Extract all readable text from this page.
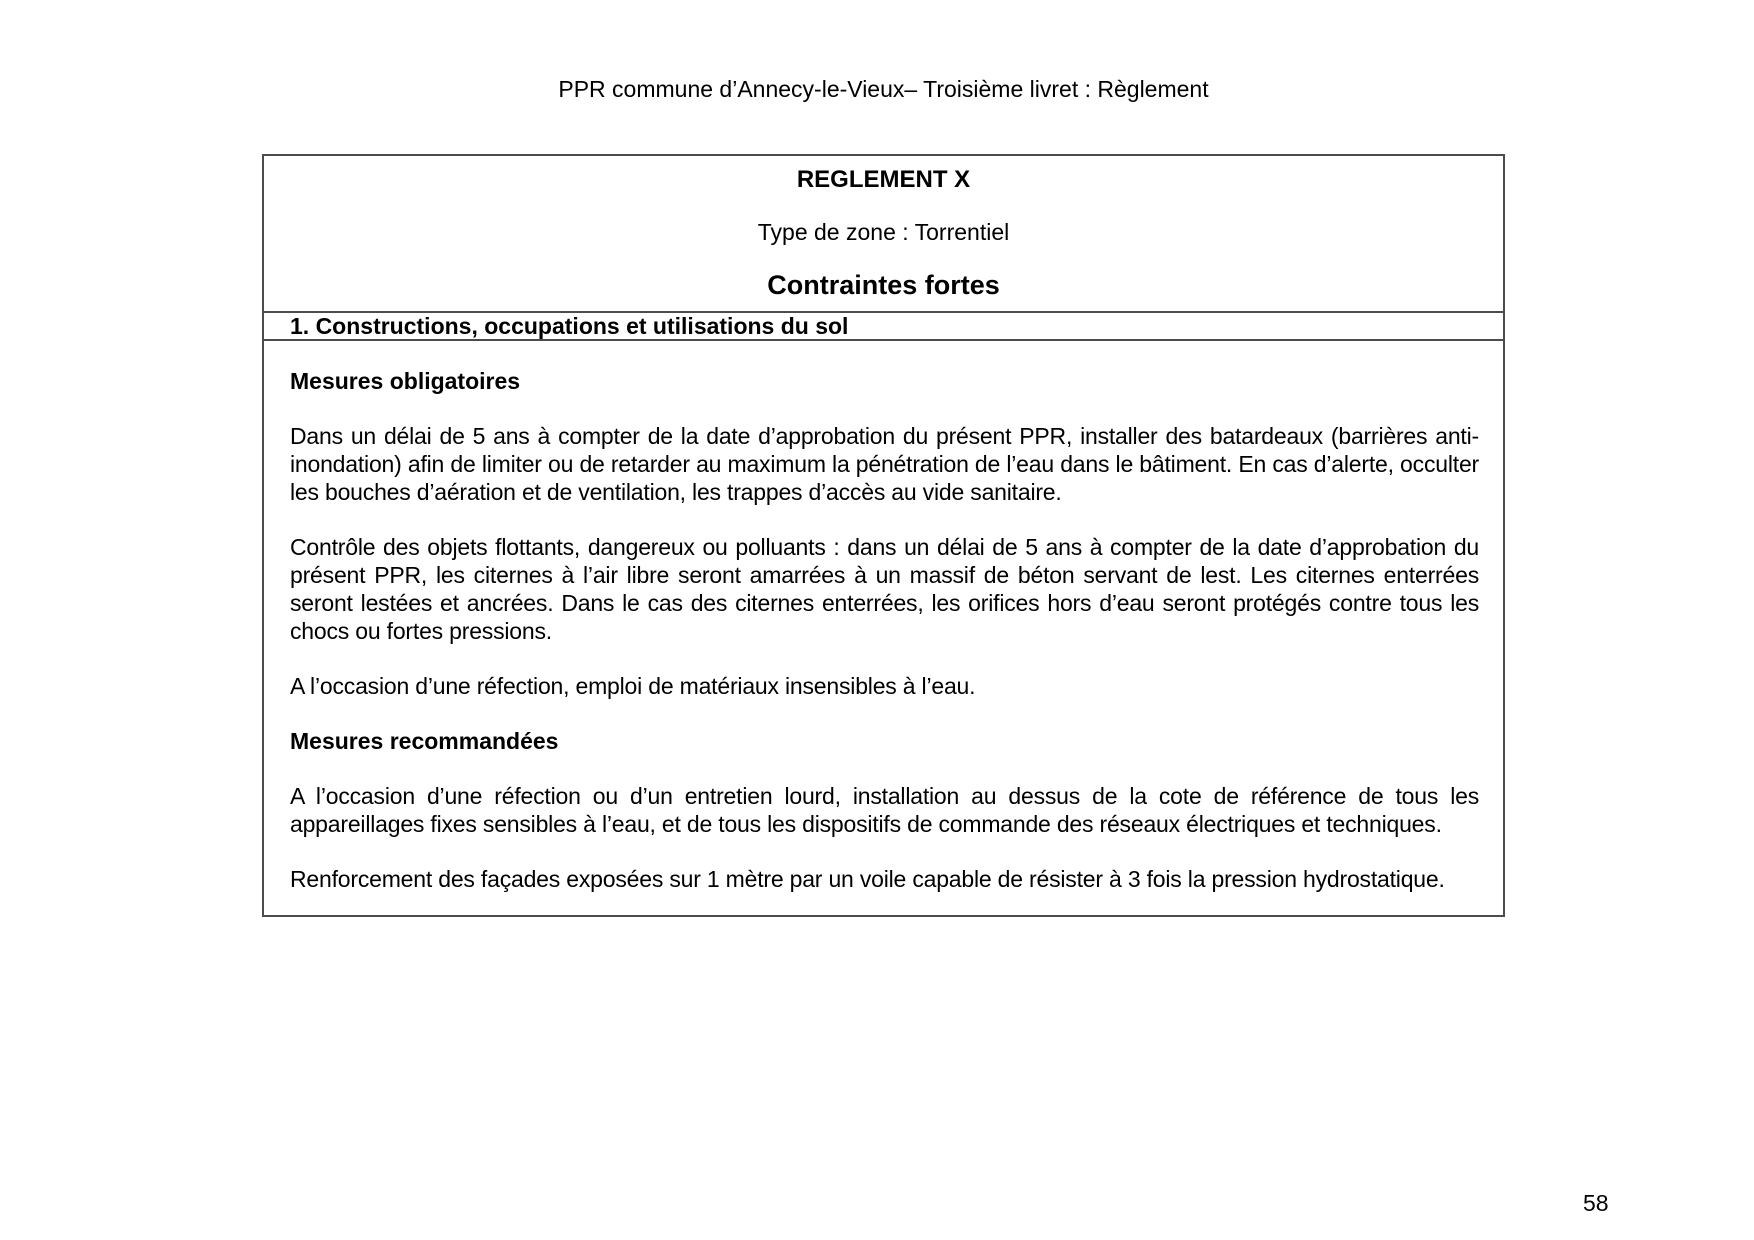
PPR commune d’Annecy-le-Vieux– Troisième livret : Règlement
REGLEMENT X
Type de zone : Torrentiel
Contraintes fortes
1. Constructions, occupations et utilisations du sol
Mesures obligatoires

Dans un délai de 5 ans à compter de la date d’approbation du présent PPR, installer des batardeaux (barrières anti-inondation) afin de limiter ou de retarder au maximum la pénétration de l’eau dans le bâtiment. En cas d’alerte, occulter les bouches d’aération et de ventilation, les trappes d’accès au vide sanitaire.

Contrôle des objets flottants, dangereux ou polluants : dans un délai de 5 ans à compter de la date d’approbation du présent PPR, les citernes à l’air libre seront amarrées à un massif de béton servant de lest. Les citernes enterrées seront lestées et ancrées. Dans le cas des citernes enterrées, les orifices hors d’eau seront protégés contre tous les chocs ou fortes pressions.

A l’occasion d’une réfection, emploi de matériaux insensibles à l’eau.

Mesures recommandées

A l’occasion d’une réfection ou d’un entretien lourd, installation au dessus de la cote de référence de tous les appareillages fixes sensibles à l’eau, et de tous les dispositifs de commande des réseaux électriques et techniques.

Renforcement des façades exposées sur 1 mètre par un voile capable de résister à 3 fois la pression hydrostatique.

58
